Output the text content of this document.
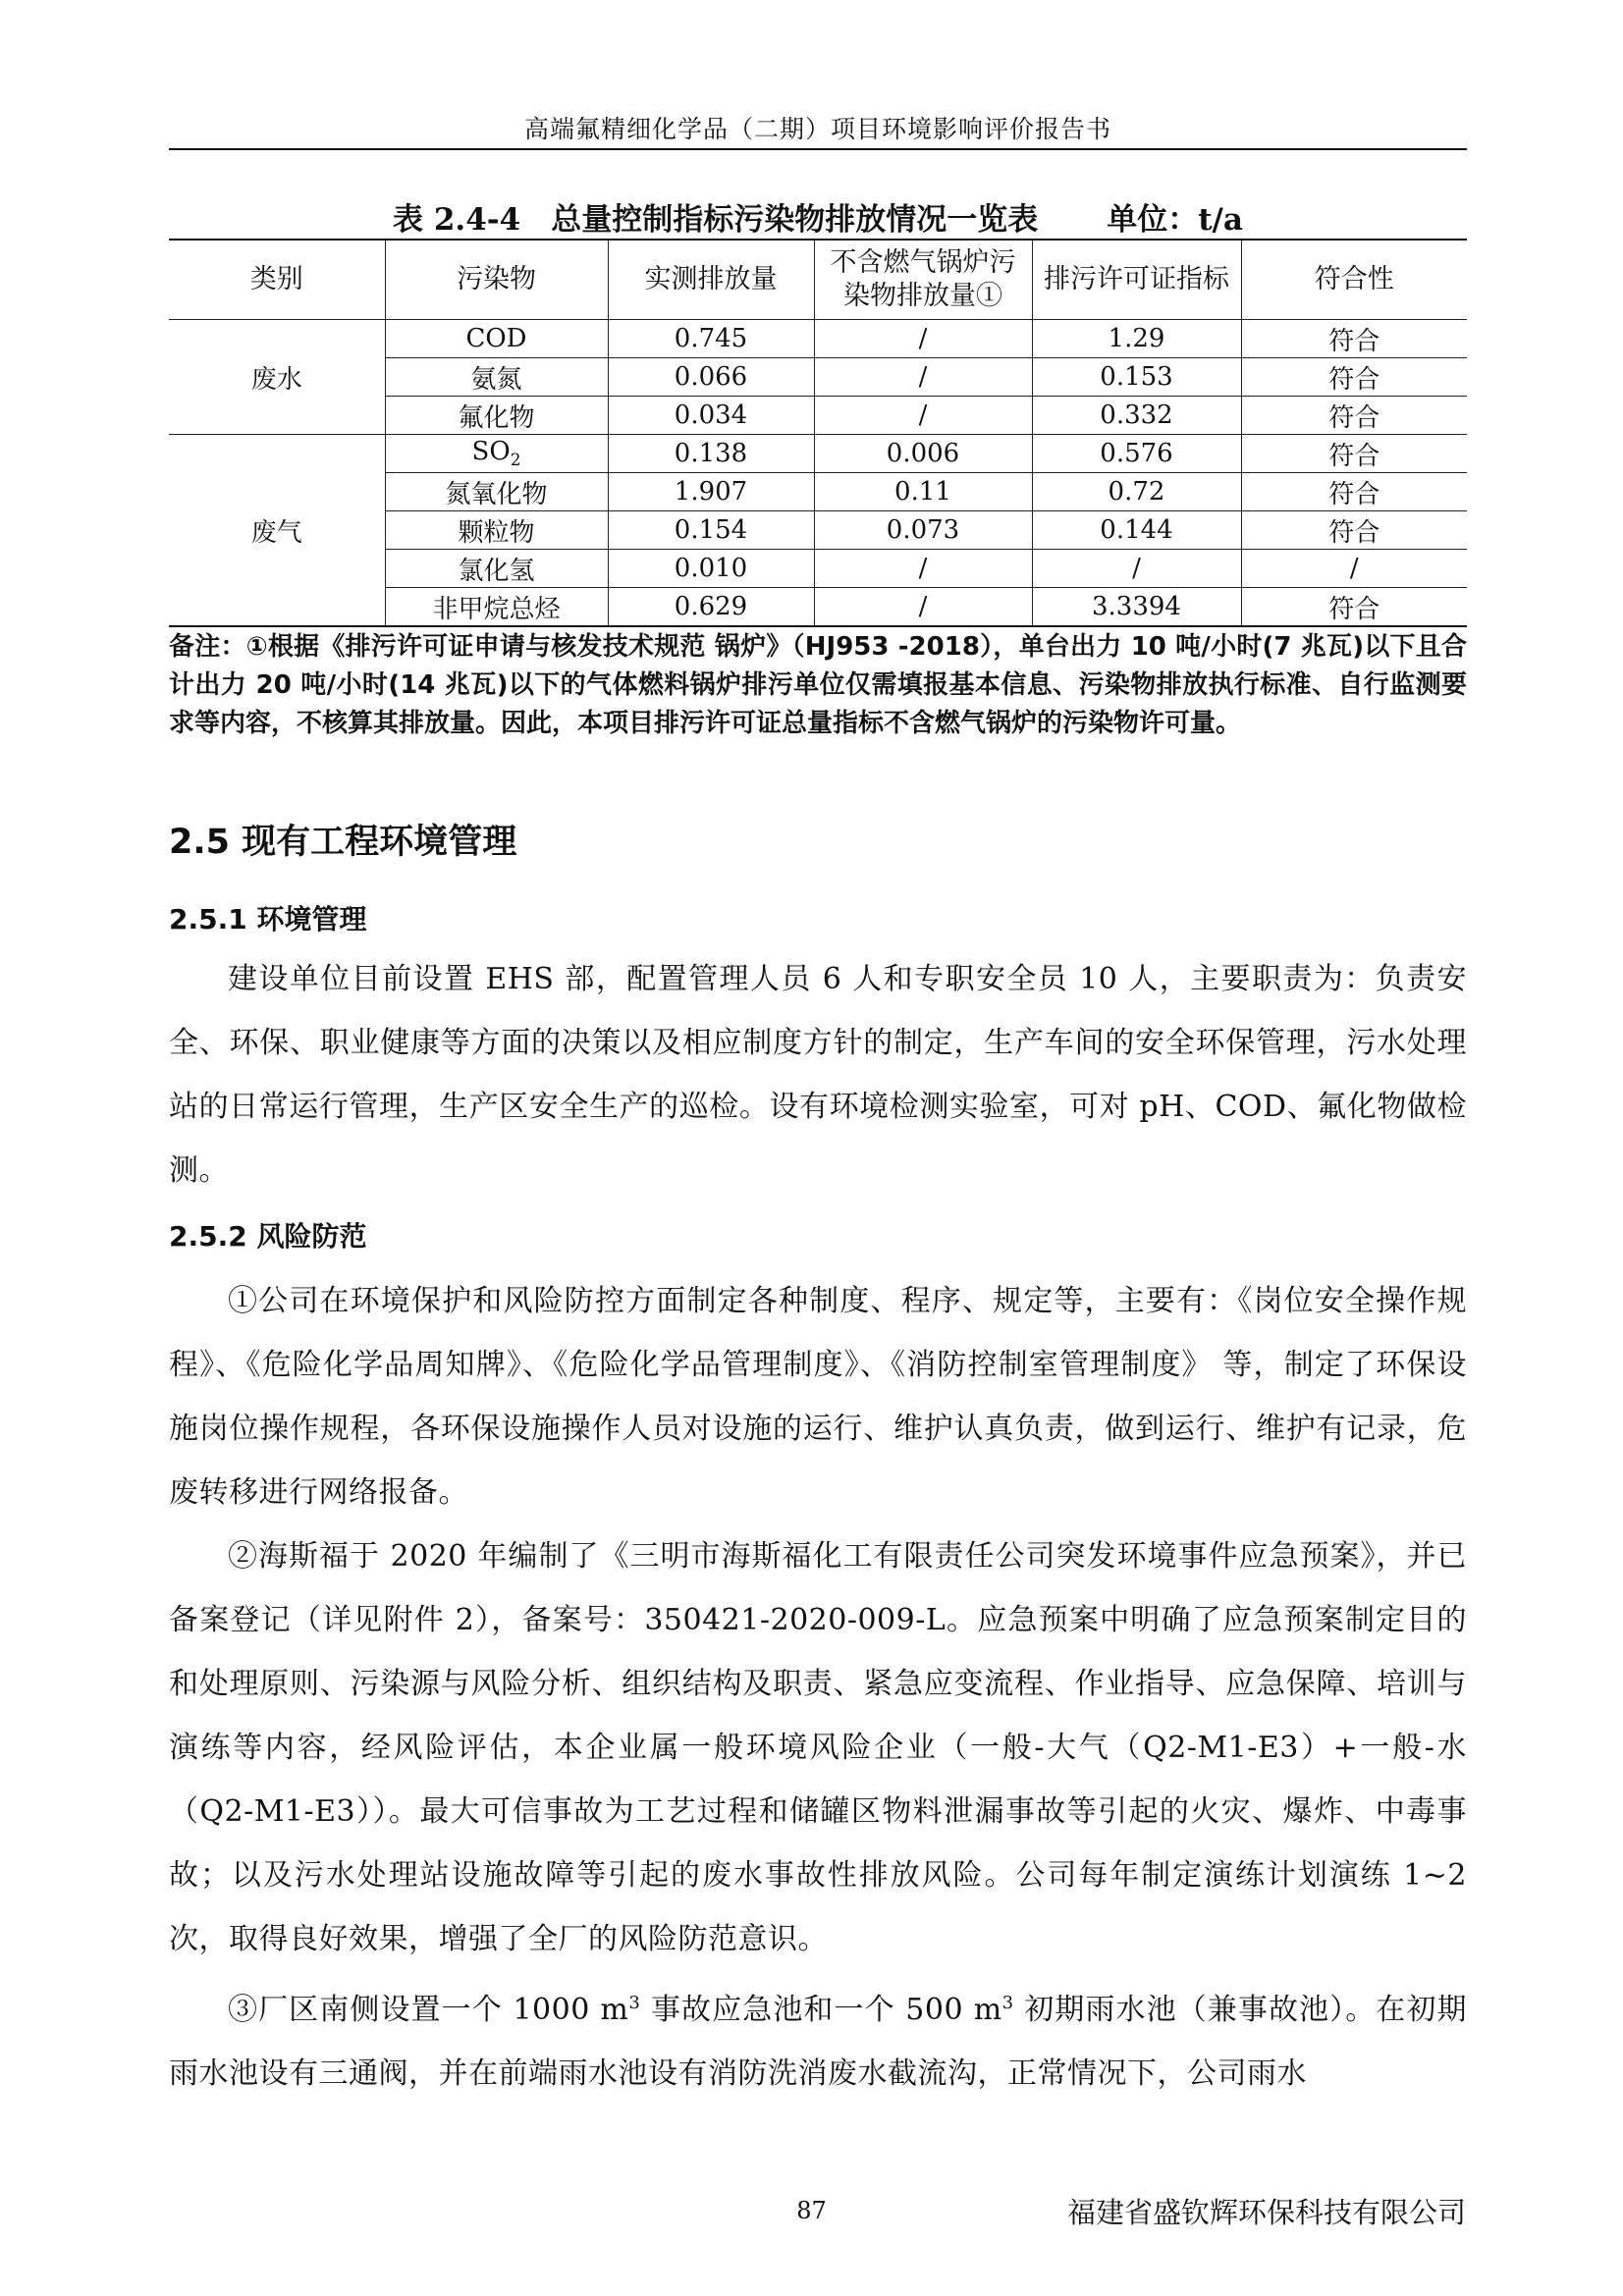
高端氟精细化学品（二期）项目环境影响评价报告书
表 2.4-4　总量控制指标污染物排放情况一览表 单位：t/a
类别	污染物	实测排放量	不含燃气锅炉污染物排放量①	排污许可证指标	符合性
废水	COD	0.745	/	1.29	符合
	氨氮	0.066	/	0.153	符合
	氟化物	0.034	/	0.332	符合
废气	$SO_2$	0.138	0.006	0.576	符合
	氮氧化物	1.907	0.11	0.72	符合
	颗粒物	0.154	0.073	0.144	符合
	氯化氢	0.010	/	/	/
	非甲烷总烃	0.629	/	3.3394	符合
备注：①根据《排污许可证申请与核发技术规范 锅炉》（HJ953 -2018），单台出力 10 吨/小时(7 兆瓦)以下且合计出力 20 吨/小时(14 兆瓦)以下的气体燃料锅炉排污单位仅需填报基本信息、污染物排放执行标准、自行监测要求等内容，不核算其排放量。因此，本项目排污许可证总量指标不含燃气锅炉的污染物许可量。
2.5 现有工程环境管理
2.5.1 环境管理
建设单位目前设置 EHS 部，配置管理人员 6 人和专职安全员 10 人，主要职责为：负责安全、环保、职业健康等方面的决策以及相应制度方针的制定，生产车间的安全环保管理，污水处理站的日常运行管理，生产区安全生产的巡检。设有环境检测实验室，可对 pH、COD、氟化物做检测。
2.5.2 风险防范
①公司在环境保护和风险防控方面制定各种制度、程序、规定等，主要有：《岗位安全操作规程》、《危险化学品周知牌》、《危险化学品管理制度》、《消防控制室管理制度》 等，制定了环保设施岗位操作规程，各环保设施操作人员对设施的运行、维护认真负责，做到运行、维护有记录，危废转移进行网络报备。
②海斯福于 2020 年编制了《三明市海斯福化工有限责任公司突发环境事件应急预案》，并已备案登记（详见附件 2），备案号：350421-2020-009-L。应急预案中明确了应急预案制定目的和处理原则、污染源与风险分析、组织结构及职责、紧急应变流程、作业指导、应急保障、培训与演练等内容，经风险评估，本企业属一般环境风险企业（一般-大气（Q2-M1-E3）+一般-水（Q2-M1-E3））。最大可信事故为工艺过程和储罐区物料泄漏事故等引起的火灾、爆炸、中毒事故；以及污水处理站设施故障等引起的废水事故性排放风险。公司每年制定演练计划演练 1~2 次，取得良好效果，增强了全厂的风险防范意识。
③厂区南侧设置一个 1000 $m^3$ 事故应急池和一个 500 $m^3$ 初期雨水池（兼事故池）。在初期雨水池设有三通阀，并在前端雨水池设有消防洗消废水截流沟，正常情况下，公司雨水
87	福建省盛钦辉环保科技有限公司
